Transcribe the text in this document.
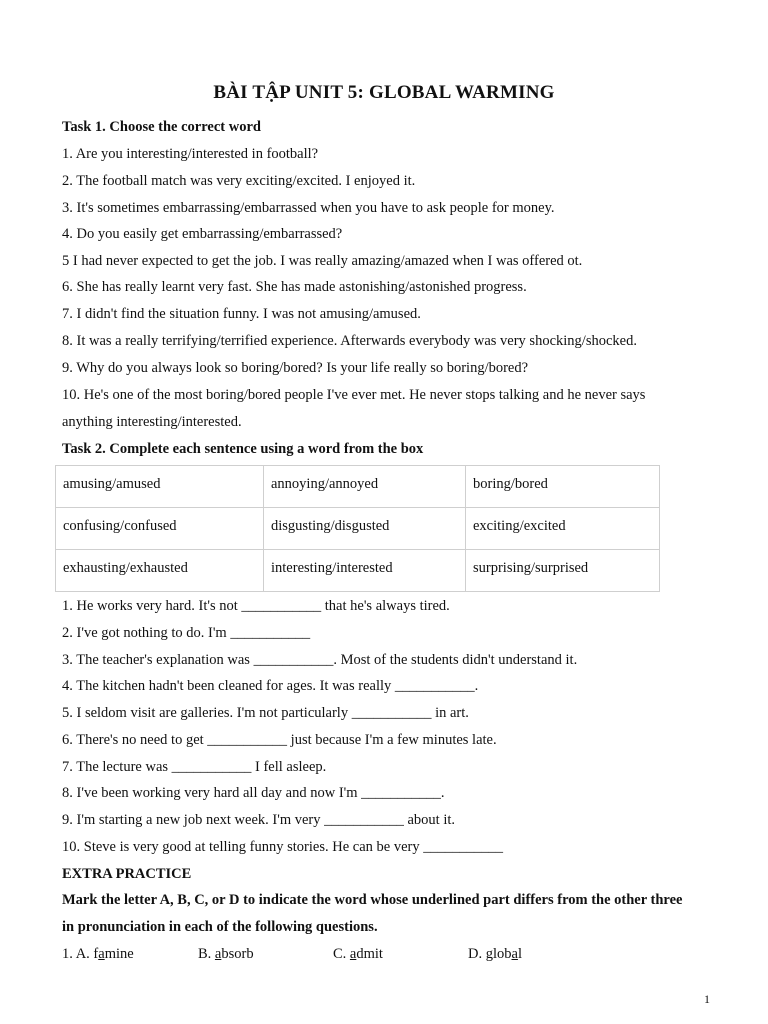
BÀI TẬP UNIT 5: GLOBAL WARMING
Task 1. Choose the correct word
1. Are you interesting/interested in football?
2. The football match was very exciting/excited. I enjoyed it.
3. It's sometimes embarrassing/embarrassed when you have to ask people for money.
4. Do you easily get embarrassing/embarrassed?
5 I had never expected to get the job. I was really amazing/amazed when I was offered ot.
6. She has really learnt very fast. She has made astonishing/astonished progress.
7. I didn't find the situation funny. I was not amusing/amused.
8. It was a really terrifying/terrified experience. Afterwards everybody was very shocking/shocked.
9. Why do you always look so boring/bored? Is your life really so boring/bored?
10. He's one of the most boring/bored people I've ever met. He never stops talking and he never says
anything interesting/interested.
Task 2. Complete each sentence using a word from the box
amusing/amused	annoying/annoyed	boring/bored
confusing/confused	disgusting/disgusted	exciting/excited
exhausting/exhausted	interesting/interested	surprising/surprised
1. He works very hard. It's not ___________ that he's always tired.
2. I've got nothing to do. I'm ___________
3. The teacher's explanation was ___________. Most of the students didn't understand it.
4. The kitchen hadn't been cleaned for ages. It was really ___________.
5. I seldom visit are galleries. I'm not particularly ___________ in art.
6. There's no need to get ___________ just because I'm a few minutes late.
7. The lecture was ___________ I fell asleep.
8. I've been working very hard all day and now I'm ___________.
9. I'm starting a new job next week. I'm very ___________ about it.
10. Steve is very good at telling funny stories. He can be very ___________
EXTRA PRACTICE
Mark the letter A, B, C, or D to indicate the word whose underlined part differs from the other three
in pronunciation in each of the following questions.
1. A. famine	B. absorb	C. admit	D. global
1
